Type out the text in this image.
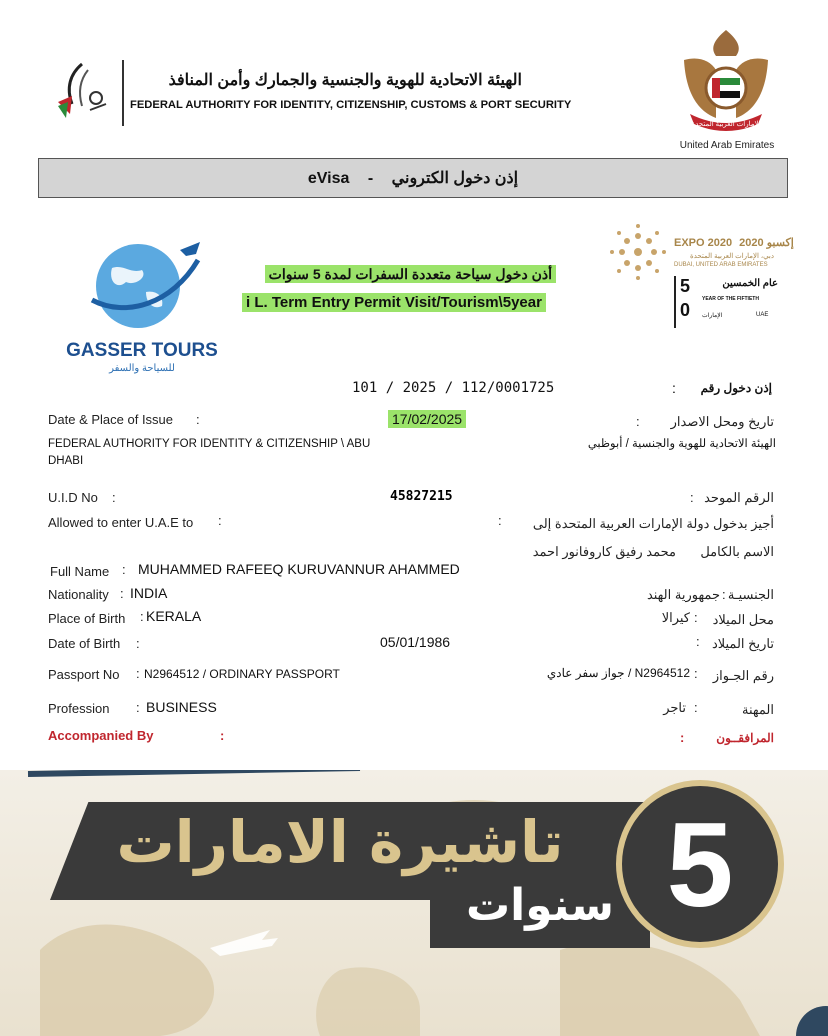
الهيئة الاتحادية للهوية والجنسية والجمارك وأمن المنافذ
FEDERAL AUTHORITY FOR IDENTITY, CITIZENSHIP, CUSTOMS & PORT SECURITY
الإمارات العربية المتحدة
United Arab Emirates
eVisa - إذن دخول الكتروني
GASSER TOURS
للسياحة والسفر
أذن دخول سياحة متعددة السفرات لمدة 5 سنوات
i L. Term Entry Permit Visit/Tourism\5year
EXPO 2020 إكسبو 2020
دبي، الإمارات العربية المتحدة
DUBAI, UNITED ARAB EMIRATES
عام الخمسين
YEAR OF THE FIFTIETH
5
0 الإمارات	UAE
101 / 2025 / 112/0001725	:	إذن دخول رقم
Date & Place of Issue :	17/02/2025	:	تاريخ ومحل الاصدار
FEDERAL AUTHORITY FOR IDENTITY & CITIZENSHIP \ ABU DHABI
الهيئة الاتحادية للهوية والجنسية / أبوظبي
U.I.D No :	45827215	: الرقم الموحد
Allowed to enter U.A.E to :	:	أجيز بدخول دولة الإمارات العربية المتحدة إلى
الاسم بالكامل
محمد رفيق كاروفانور احمد
Full Name : MUHAMMED RAFEEQ KURUVANNUR AHAMMED
Nationality : INDIA	جمهورية الهند : الجنسيـة
Place of Birth : KERALA	كيرالا :	محل الميلاد
Date of Birth :	05/01/1986	: تاريخ الميلاد
Passport No : N2964512 / ORDINARY PASSPORT	N2964512 / جواز سفر عادي :	رقم الجـواز
Profession : BUSINESS	تاجر :	المهنة
Accompanied By	:	:	المرافقــون
تاشيرة الامارات
سنوات 5
